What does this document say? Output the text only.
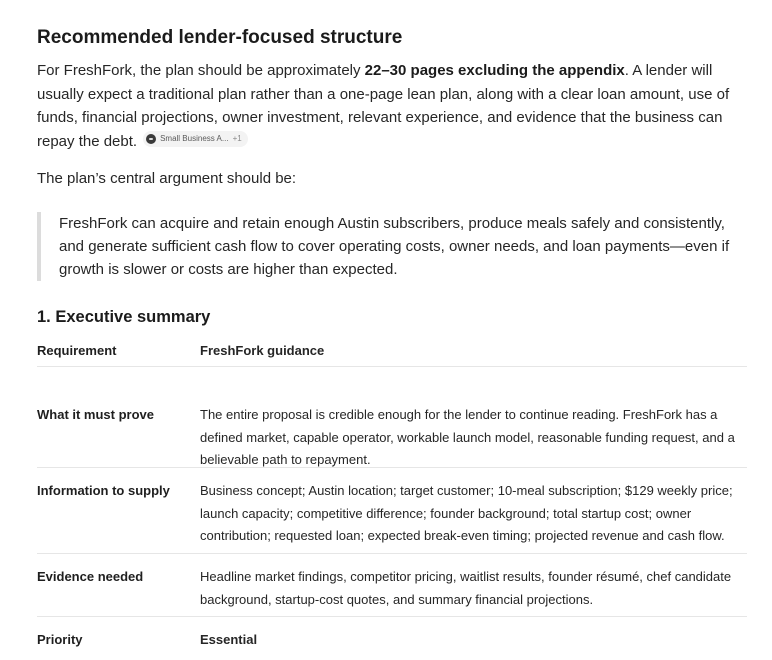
Recommended lender-focused structure

For FreshFork, the plan should be approximately 22–30 pages excluding the appendix. A lender will usually expect a traditional plan rather than a one-page lean plan, along with a clear loan amount, use of funds, financial projections, owner investment, relevant experience, and evidence that the business can repay the debt.	Small Business A... +1

The plan’s central argument should be:

FreshFork can acquire and retain enough Austin subscribers, produce meals safely and consistently, and generate sufficient cash flow to cover operating costs, owner needs, and loan payments—even if growth is slower or costs are higher than expected.
1. Executive summary
Requirement	FreshFork guidance
What it must prove	The entire proposal is credible enough for the lender to continue reading. FreshFork has a defined market, capable operator, workable launch model, reasonable funding request, and a believable path to repayment.
Information to supply	Business concept; Austin location; target customer; 10-meal subscription; $129 weekly price; launch capacity; competitive difference; founder background; total startup cost; owner contribution; requested loan; expected break-even timing; projected revenue and cash flow.
Evidence needed	Headline market findings, competitor pricing, waitlist results, founder résumé, chef candidate background, startup-cost quotes, and summary financial projections.
Priority	Essential
